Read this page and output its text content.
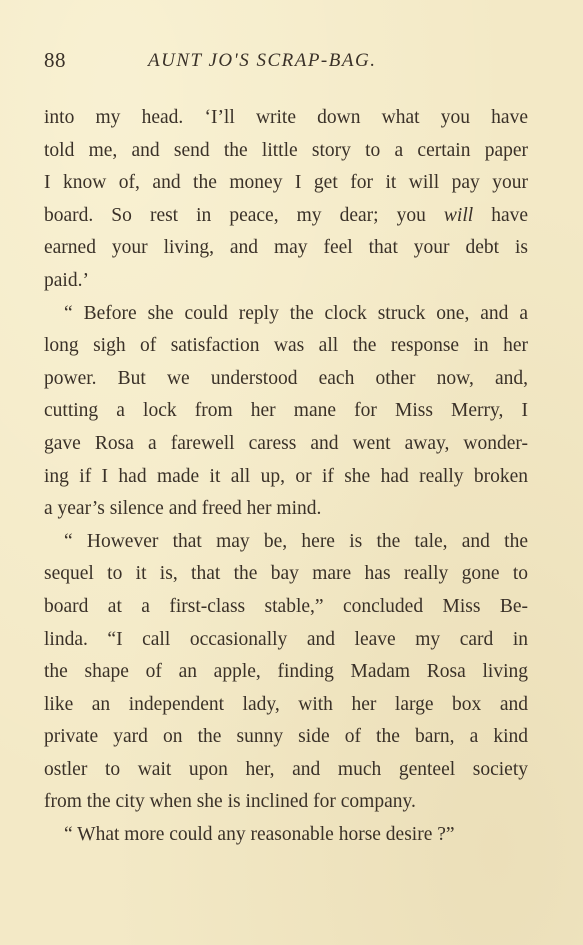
88	AUNT JO'S SCRAP-BAG.
into my head. ‘I’ll write down what you have
told me, and send the little story to a certain paper
I know of, and the money I get for it will pay your
board. So rest in peace, my dear; you will have
earned your living, and may feel that your debt is
paid.’
“ Before she could reply the clock struck one, and a
long sigh of satisfaction was all the response in her
power. But we understood each other now, and,
cutting a lock from her mane for Miss Merry, I
gave Rosa a farewell caress and went away, wonder-
ing if I had made it all up, or if she had really broken
a year’s silence and freed her mind.
“ However that may be, here is the tale, and the
sequel to it is, that the bay mare has really gone to
board at a first-class stable,” concluded Miss Be-
linda. “I call occasionally and leave my card in
the shape of an apple, finding Madam Rosa living
like an independent lady, with her large box and
private yard on the sunny side of the barn, a kind
ostler to wait upon her, and much genteel society
from the city when she is inclined for company.
“ What more could any reasonable horse desire ?”
